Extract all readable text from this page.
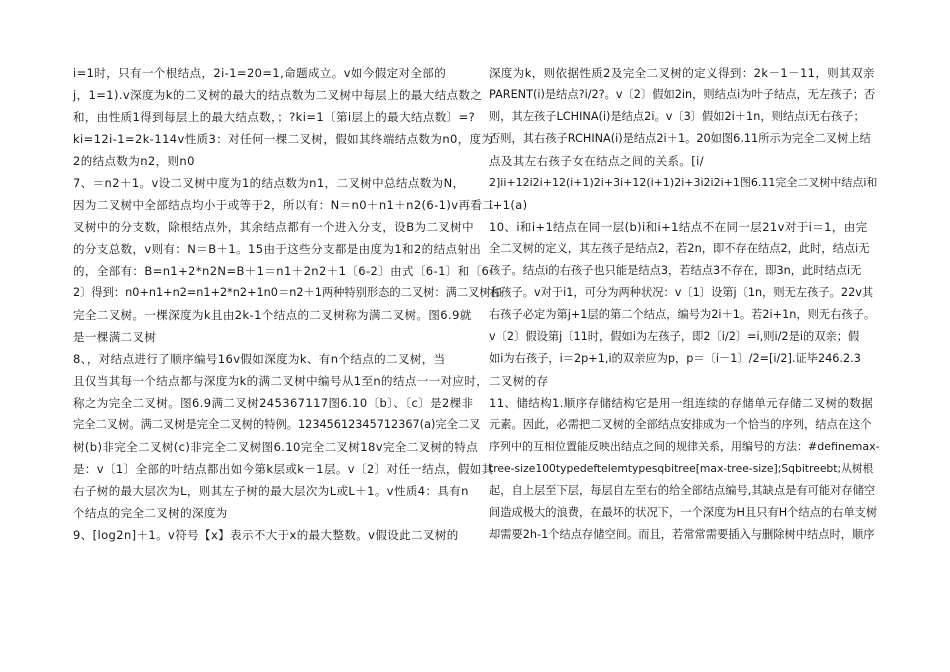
i=1时，只有一个根结点，2i-1=20=1,命题成立。v如今假定对全部的
j，1=1).v深度为k的二叉树的最大的结点数为二叉树中每层上的最大结点数之
和，由性质1得到每层上的最大结点数，；?ki=1〔第i层上的最大结点数〕=?
ki=12i-1=2k-114v性质3：对任何一棵二叉树，假如其终端结点数为n0，度为
2的结点数为n2，则n0
7、＝n2＋1。v设二叉树中度为1的结点数为n1，二叉树中总结点数为N，
因为二叉树中全部结点均小于或等于2，所以有：N＝n0＋n1＋n2(6-1)v再看二
叉树中的分支数，除根结点外，其余结点都有一个进入分支，设B为二叉树中
的分支总数，v则有：N＝B＋1。15由于这些分支都是由度为1和2的结点射出
的，全部有：B=n1+2*n2N=B＋1＝n1＋2n2＋1〔6-2〕由式〔6-1〕和〔6-
2〕得到：n0+n1+n2=n1+2*n2+1n0＝n2＋1两种特别形态的二叉树：满二叉树和
完全二叉树。一棵深度为k且由2k-1个结点的二叉树称为满二叉树。图6.9就
是一棵满二叉树
8、，对结点进行了顺序编号16v假如深度为k、有n个结点的二叉树，当
且仅当其每一个结点都与深度为k的满二叉树中编号从1至n的结点一一对应时，
称之为完全二叉树。图6.9满二叉树245367117图6.10〔b〕、〔c〕是2棵非
完全二叉树。满二叉树是完全二叉树的特例。12345612345712367(a)完全二叉
树(b)非完全二叉树(c)非完全二叉树图6.10完全二叉树18v完全二叉树的特点
是：v〔1〕全部的叶结点都出如今第k层或k－1层。v〔2〕对任一结点，假如其
右子树的最大层次为L，则其左子树的最大层次为L或L＋1。v性质4：具有n
个结点的完全二叉树的深度为
9、[log2n]＋1。v符号【x】表示不大于x的最大整数。v假设此二叉树的
深度为k，则依据性质2及完全二叉树的定义得到：2k－1－11，则其双亲
PARENT(i)是结点?i/2?。v〔2〕假如2in，则结点i为叶子结点，无左孩子；否
则，其左孩子LCHINA(i)是结点2i。v〔3〕假如2i＋1n，则结点i无右孩子；
否则，其右孩子RCHINA(i)是结点2i＋1。20如图6.11所示为完全二叉树上结
点及其左右孩子女在结点之间的关系。[i/
2]ii+12i2i+12(i+1)2i+3i+12(i+1)2i+3i2i2i+1图6.11完全二叉树中结点i和
i+1(a)
10、i和i+1结点在同一层(b)i和i+1结点不在同一层21v对于i＝1，由完
全二叉树的定义，其左孩子是结点2，若2n，即不存在结点2，此时，结点i无
孩子。结点i的右孩子也只能是结点3，若结点3不存在，即3n，此时结点i无
右孩子。v对于i1，可分为两种状况：v〔1〕设第j〔1n，则无左孩子。22v其
右孩子必定为第j+1层的第二个结点，编号为2i＋1。若2i+1n，则无右孩子。
v〔2〕假设第j〔11时，假如i为左孩子，即2〔i/2〕=i,则i/2是i的双亲；假
如i为右孩子，i＝2p+1,i的双亲应为p，p＝〔i－1〕/2=[i/2].证毕246.2.3
二叉树的存
11、储结构1.顺序存储结构它是用一组连续的存储单元存储二叉树的数据
元素。因此，必需把二叉树的全部结点安排成为一个恰当的序列，结点在这个
序列中的互相位置能反映出结点之间的规律关系，用编号的方法：#definemax-
tree-size100typedeftelemtypesqbitree[max-tree-size];Sqbitreebt;从树根
起，自上层至下层，每层自左至右的给全部结点编号,其缺点是有可能对存储空
间造成极大的浪费，在最坏的状况下，一个深度为H且只有H个结点的右单支树
却需要2h-1个结点存储空间。而且，若常常需要插入与删除树中结点时，顺序
